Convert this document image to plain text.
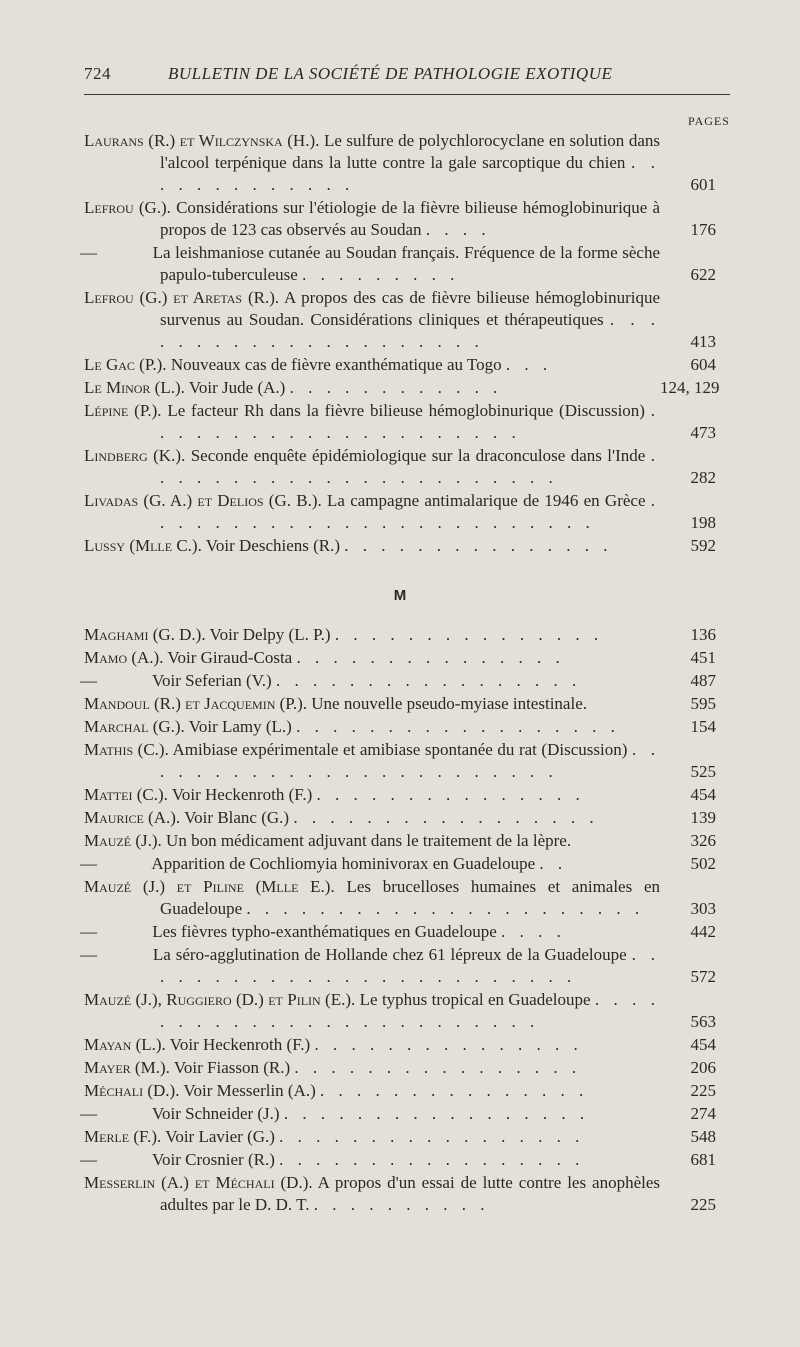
724	BULLETIN DE LA SOCIÉTÉ DE PATHOLOGIE EXOTIQUE
PAGES
Laurans (R.) et Wilczynska (H.). Le sulfure de polychlorocyclane en solution dans l'alcool terpénique dans la lutte contre la gale sarcoptique du chien . . . . . . . . . . . . .	601
Lefrou (G.). Considérations sur l'étiologie de la fièvre bilieuse hémoglobinurique à propos de 123 cas observés au Soudan . . . .	176
—	La leishmaniose cutanée au Soudan français. Fréquence de la forme sèche papulo-tuberculeuse . . . . . . . . .	622
Lefrou (G.) et Aretas (R.). A propos des cas de fièvre bilieuse hémoglobinurique survenus au Soudan. Considérations cliniques et thérapeutiques . . . . . . . . . . . . . . . . . . . . .	413
Le Gac (P.). Nouveaux cas de fièvre exanthématique au Togo . . .	604
Le Minor (L.). Voir Jude (A.) . . . . . . . . . . . .	124, 129
Lépine (P.). Le facteur Rh dans la fièvre bilieuse hémoglobinurique (Discussion) . . . . . . . . . . . . . . . . . . . . .	473
Lindberg (K.). Seconde enquête épidémiologique sur la draconculose dans l'Inde . . . . . . . . . . . . . . . . . . . . . . .	282
Livadas (G. A.) et Delios (G. B.). La campagne antimalarique de 1946 en Grèce . . . . . . . . . . . . . . . . . . . . . . . . .	198
Lussy (Mlle C.). Voir Deschiens (R.) . . . . . . . . . . . . . . .	592
M
Maghami (G. D.). Voir Delpy (L. P.) . . . . . . . . . . . . . . .	136
Mamo (A.). Voir Giraud-Costa . . . . . . . . . . . . . . .	451
—	Voir Seferian (V.) . . . . . . . . . . . . . . . . .	487
Mandoul (R.) et Jacquemin (P.). Une nouvelle pseudo-myiase intestinale.	595
Marchal (G.). Voir Lamy (L.) . . . . . . . . . . . . . . . . . .	154
Mathis (C.). Amibiase expérimentale et amibiase spontanée du rat (Discussion) . . . . . . . . . . . . . . . . . . . . . . . .	525
Mattei (C.). Voir Heckenroth (F.) . . . . . . . . . . . . . . .	454
Maurice (A.). Voir Blanc (G.) . . . . . . . . . . . . . . . . .	139
Mauzé (J.). Un bon médicament adjuvant dans le traitement de la lèpre.	326
—	Apparition de Cochliomyia hominivorax en Guadeloupe . .	502
Mauzé (J.) et Piline (Mlle E.). Les brucelloses humaines et animales en Guadeloupe . . . . . . . . . . . . . . . . . . . . . .	303
—	Les fièvres typho-exanthématiques en Guadeloupe . . . .	442
—	La séro-agglutination de Hollande chez 61 lépreux de la Guadeloupe . . . . . . . . . . . . . . . . . . . . . . . . .	572
Mauzé (J.), Ruggiero (D.) et Pilin (E.). Le typhus tropical en Guadeloupe . . . . . . . . . . . . . . . . . . . . . . . . .	563
Mayan (L.). Voir Heckenroth (F.) . . . . . . . . . . . . . . .	454
Mayer (M.). Voir Fiasson (R.) . . . . . . . . . . . . . . . .	206
Méchali (D.). Voir Messerlin (A.) . . . . . . . . . . . . . . .	225
—	Voir Schneider (J.) . . . . . . . . . . . . . . . . .	274
Merle (F.). Voir Lavier (G.) . . . . . . . . . . . . . . . . .	548
—	Voir Crosnier (R.) . . . . . . . . . . . . . . . . .	681
Messerlin (A.) et Méchali (D.). A propos d'un essai de lutte contre les anophèles adultes par le D. D. T. . . . . . . . . . .	225
